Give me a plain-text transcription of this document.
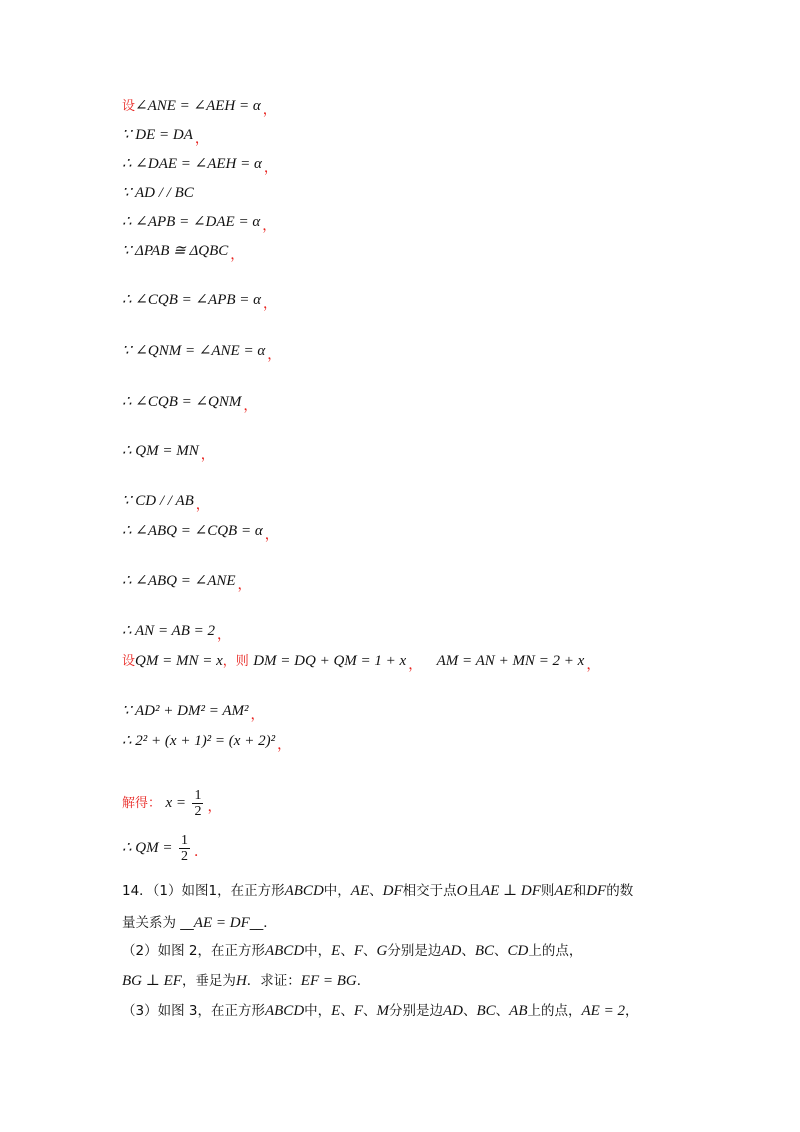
设∠ANE = ∠AEH = α ，
∵ DE = DA ，
∴ ∠DAE = ∠AEH = α ，
∵ AD / / BC
∴ ∠APB = ∠DAE = α ，
∵ ΔPAB ≅ ΔQBC ，
∴ ∠CQB = ∠APB = α ，
∵ ∠QNM = ∠ANE = α ，
∴ ∠CQB = ∠QNM ，
∴ QM = MN ，
∵ CD / / AB ，
∴ ∠ABQ = ∠CQB = α ，
∴ ∠ABQ = ∠ANE ，
∴ AN = AB = 2 ，
设QM = MN = x，则 DM = DQ + QM = 1 + x ， AM = AN + MN = 2 + x ，
∵ AD² + DM² = AM² ，
∴ 2² + (x + 1)² = (x + 2)² ，
解得： $x = \frac{1}{2}$ ，
∴ QM = $\frac{1}{2}$ ．
14．（1）如图1，在正方形ABCD中，AE、DF相交于点O且AE ⊥ DF则AE和DF的数
量关系为 __AE = DF__．
（2）如图 2，在正方形ABCD中，E、F、G分别是边AD、BC、CD上的点，
BG ⊥ EF，垂足为H．求证：EF = BG．
（3）如图 3，在正方形ABCD中，E、F、M分别是边AD、BC、AB上的点，AE = 2，
